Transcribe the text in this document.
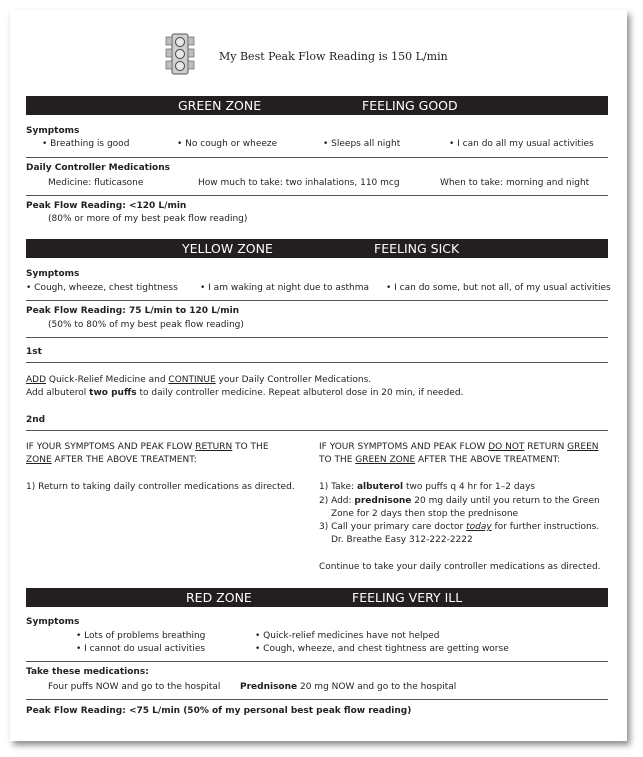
My Best Peak Flow Reading is 150 L/min
GREEN ZONE	FEELING GOOD
Symptoms
• Breathing is good	• No cough or wheeze	• Sleeps all night	• I can do all my usual activities
Daily Controller Medications
Medicine: fluticasone	How much to take: two inhalations, 110 mcg	When to take: morning and night
Peak Flow Reading: <120 L/min
(80% or more of my best peak flow reading)
YELLOW ZONE	FEELING SICK
Symptoms
• Cough, wheeze, chest tightness • I am waking at night due to asthma • I can do some, but not all, of my usual activities
Peak Flow Reading: 75 L/min to 120 L/min
(50% to 80% of my best peak flow reading)
1st
ADD Quick-Relief Medicine and CONTINUE your Daily Controller Medications.
Add albuterol two puffs to daily controller medicine. Repeat albuterol dose in 20 min, if needed.
2nd
IF YOUR SYMPTOMS AND PEAK FLOW RETURN TO THE
ZONE AFTER THE ABOVE TREATMENT:
1) Return to taking daily controller medications as directed.
IF YOUR SYMPTOMS AND PEAK FLOW DO NOT RETURN GREEN
TO THE GREEN ZONE AFTER THE ABOVE TREATMENT:
1) Take: albuterol two puffs q 4 hr for 1–2 days
2) Add: prednisone 20 mg daily until you return to the Green
Zone for 2 days then stop the prednisone
3) Call your primary care doctor today for further instructions.
Dr. Breathe Easy 312-222-2222
Continue to take your daily controller medications as directed.
RED ZONE	FEELING VERY ILL
Symptoms
• Lots of problems breathing
• I cannot do usual activities
• Quick-relief medicines have not helped
• Cough, wheeze, and chest tightness are getting worse
Take these medications:
Four puffs NOW and go to the hospital Prednisone 20 mg NOW and go to the hospital
Peak Flow Reading: <75 L/min (50% of my personal best peak flow reading)
